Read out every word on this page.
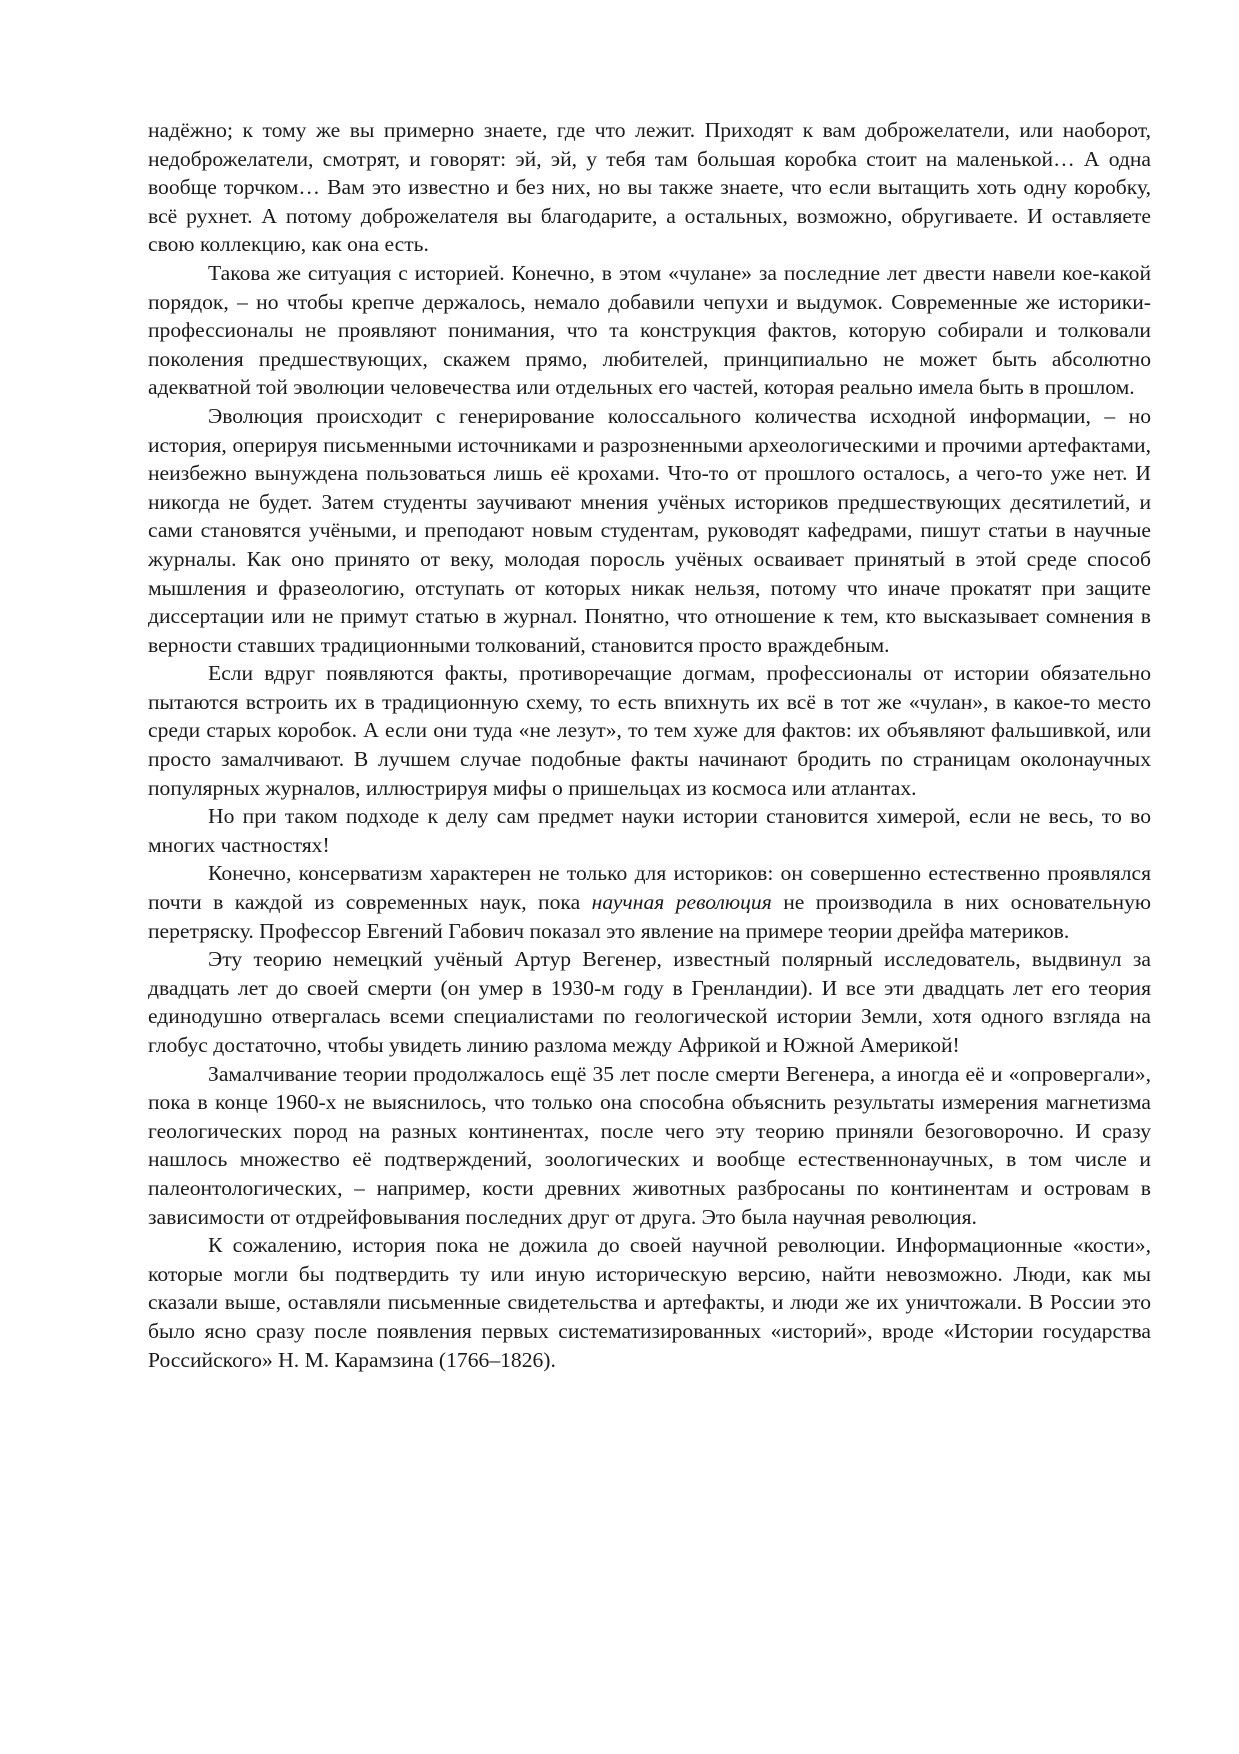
надёжно; к тому же вы примерно знаете, где что лежит. Приходят к вам доброжелатели, или наоборот, недоброжелатели, смотрят, и говорят: эй, эй, у тебя там большая коробка стоит на маленькой… А одна вообще торчком… Вам это известно и без них, но вы также знаете, что если вытащить хоть одну коробку, всё рухнет. А потому доброжелателя вы благодарите, а остальных, возможно, обругиваете. И оставляете свою коллекцию, как она есть.

Такова же ситуация с историей. Конечно, в этом «чулане» за последние лет двести навели кое-какой порядок, – но чтобы крепче держалось, немало добавили чепухи и выдумок. Современные же историки-профессионалы не проявляют понимания, что та конструкция фактов, которую собирали и толковали поколения предшествующих, скажем прямо, любителей, принципиально не может быть абсолютно адекватной той эволюции человечества или отдельных его частей, которая реально имела быть в прошлом.

Эволюция происходит с генерирование колоссального количества исходной информации, – но история, оперируя письменными источниками и разрозненными археологическими и прочими артефактами, неизбежно вынуждена пользоваться лишь её крохами. Что-то от прошлого осталось, а чего-то уже нет. И никогда не будет. Затем студенты заучивают мнения учёных историков предшествующих десятилетий, и сами становятся учёными, и преподают новым студентам, руководят кафедрами, пишут статьи в научные журналы. Как оно принято от веку, молодая поросль учёных осваивает принятый в этой среде способ мышления и фразеологию, отступать от которых никак нельзя, потому что иначе прокатят при защите диссертации или не примут статью в журнал. Понятно, что отношение к тем, кто высказывает сомнения в верности ставших традиционными толкований, становится просто враждебным.

Если вдруг появляются факты, противоречащие догмам, профессионалы от истории обязательно пытаются встроить их в традиционную схему, то есть впихнуть их всё в тот же «чулан», в какое-то место среди старых коробок. А если они туда «не лезут», то тем хуже для фактов: их объявляют фальшивкой, или просто замалчивают. В лучшем случае подобные факты начинают бродить по страницам околонаучных популярных журналов, иллюстрируя мифы о пришельцах из космоса или атлантах.

Но при таком подходе к делу сам предмет науки истории становится химерой, если не весь, то во многих частностях!

Конечно, консерватизм характерен не только для историков: он совершенно естественно проявлялся почти в каждой из современных наук, пока научная революция не производила в них основательную перетряску. Профессор Евгений Габович показал это явление на примере теории дрейфа материков.

Эту теорию немецкий учёный Артур Вегенер, известный полярный исследователь, выдвинул за двадцать лет до своей смерти (он умер в 1930-м году в Гренландии). И все эти двадцать лет его теория единодушно отвергалась всеми специалистами по геологической истории Земли, хотя одного взгляда на глобус достаточно, чтобы увидеть линию разлома между Африкой и Южной Америкой!

Замалчивание теории продолжалось ещё 35 лет после смерти Вегенера, а иногда её и «опровергали», пока в конце 1960-х не выяснилось, что только она способна объяснить результаты измерения магнетизма геологических пород на разных континентах, после чего эту теорию приняли безоговорочно. И сразу нашлось множество её подтверждений, зоологических и вообще естественнонаучных, в том числе и палеонтологических, – например, кости древних животных разбросаны по континентам и островам в зависимости от отдрейфовывания последних друг от друга. Это была научная революция.

К сожалению, история пока не дожила до своей научной революции. Информационные «кости», которые могли бы подтвердить ту или иную историческую версию, найти невозможно. Люди, как мы сказали выше, оставляли письменные свидетельства и артефакты, и люди же их уничтожали. В России это было ясно сразу после появления первых систематизированных «историй», вроде «Истории государства Российского» Н. М. Карамзина (1766–1826).
